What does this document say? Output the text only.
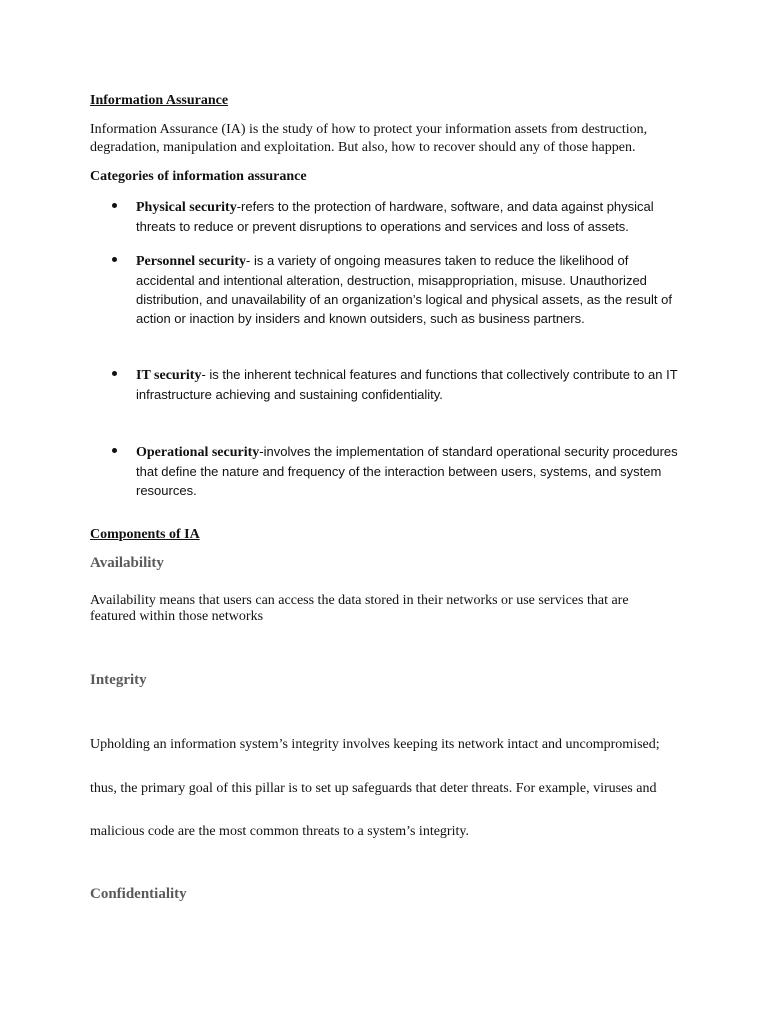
Information Assurance
Information Assurance (IA) is the study of how to protect your information assets from destruction,
degradation, manipulation and exploitation. But also, how to recover should any of those happen.
Categories of information assurance
Physical security-refers to the protection of hardware, software, and data against physical
threats to reduce or prevent disruptions to operations and services and loss of assets.
Personnel security- is a variety of ongoing measures taken to reduce the likelihood of
accidental and intentional alteration, destruction, misappropriation, misuse. Unauthorized
distribution, and unavailability of an organization’s logical and physical assets, as the result of
action or inaction by insiders and known outsiders, such as business partners.
IT security- is the inherent technical features and functions that collectively contribute to an IT
infrastructure achieving and sustaining confidentiality.
Operational security-involves the implementation of standard operational security procedures
that define the nature and frequency of the interaction between users, systems, and system
resources.
Components of IA
Availability
Availability means that users can access the data stored in their networks or use services that are
featured within those networks
Integrity
Upholding an information system’s integrity involves keeping its network intact and uncompromised;
thus, the primary goal of this pillar is to set up safeguards that deter threats. For example, viruses and
malicious code are the most common threats to a system’s integrity.
Confidentiality
